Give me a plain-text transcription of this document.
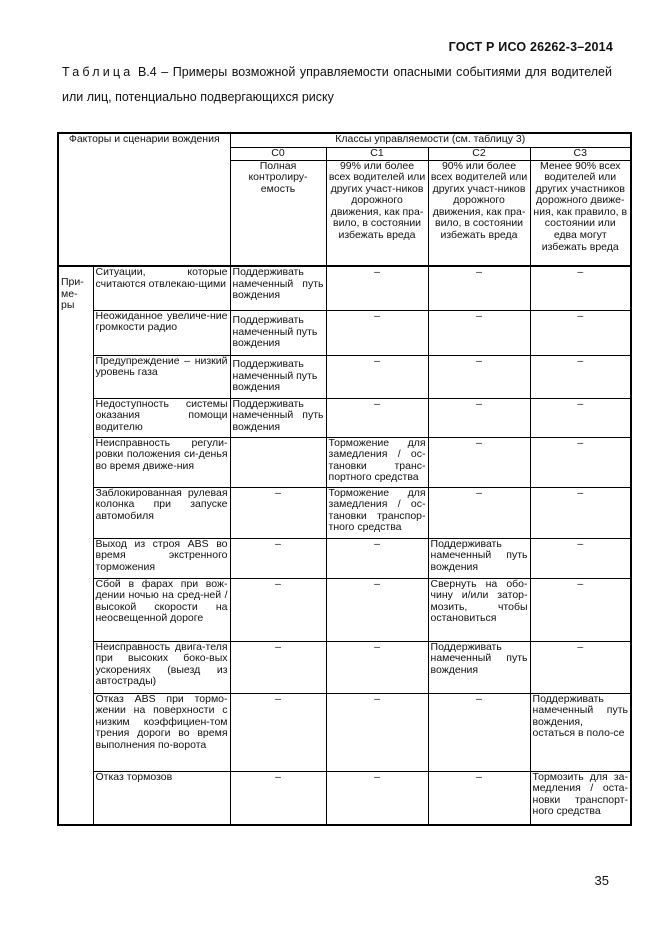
ГОСТ Р ИСО 26262-3–2014
Таблица В.4 – Примеры возможной управляемости опасными событиями для водителей или лиц, потенциально подвергающихся риску
Факторы и сценарии вождения		Классы управляемости (см. таблицу 3)			
		C0	C1	C2	C3
		Полная контролиру-емость	99% или более всех водителей или других участ-ников дорожного движения, как пра-вило, в состоянии избежать вреда	90% или более всех водителей или других участ-ников дорожного движения, как пра-вило, в состоянии избежать вреда	Менее 90% всех водителей или других участников дорожного движе-ния, как правило, в состоянии или едва могут избежать вреда
При-ме-ры	Ситуации, которые считаются отвлекаю-щими	Поддерживать намеченный путь вождения	–	–	–
	Неожиданное увеличе-ние громкости радио	Поддерживать намеченный путь вождения	–	–	–
	Предупреждение – низкий уровень газа	Поддерживать намеченный путь вождения	–	–	–
	Недоступность системы оказания помощи водителю	Поддерживать намеченный путь вождения	–	–	–
	Неисправность регули-ровки положения си-денья во время движе-ния		Торможение для замедления / ос-тановки транс-портного средства	–	–
	Заблокированная рулевая колонка при запуске автомобиля	–	Торможение для замедления / ос-тановки транспор-тного средства	–	–
	Выход из строя ABS во время экстренного торможения	–	–	Поддерживать намеченный путь вождения	–
	Сбой в фарах при вож-дении ночью на сред-ней / высокой скорости на неосвещенной дороге	–	–	Свернуть на обо-чину и/или затор-мозить, чтобы остановиться	–
	Неисправность двига-теля при высоких боко-вых ускорениях (выезд из автострады)	–	–	Поддерживать намеченный путь вождения	–
	Отказ ABS при тормо-жении на поверхности с низким коэффициен-том трения дороги во время выполнения по-ворота	–	–	–	Поддерживать намеченный путь вождения, остаться в поло-се
	Отказ тормозов	–	–	–	Тормозить для за-медления / оста-новки транспорт-ного средства
35
